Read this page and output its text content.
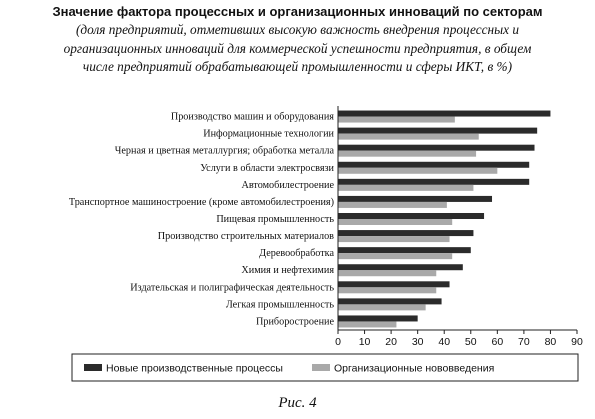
Значение фактора процессных и организационных инноваций по секторам
(доля предприятий, отметивших высокую важность внедрения процессных и организационных инноваций для коммерческой успешности предприятия, в общем числе предприятий обрабатывающей промышленности и сферы ИКТ, в %)
Производство машин и оборудования
Информационные технологии
Черная и цветная металлургия; обработка металла
Услуги в области электросвязи
Автомобилестроение
Транспортное машиностроение (кроме автомобилестроения)
Пищевая промышленность
Производство строительных материалов
Деревообработка
Химия и нефтехимия
Издательская и полиграфическая деятельность
Легкая промышленность
Приборостроение
0 10 20 30 40 50 60 70 80 90
Новые производственные процессы	Организационные нововведения
Рис. 4
